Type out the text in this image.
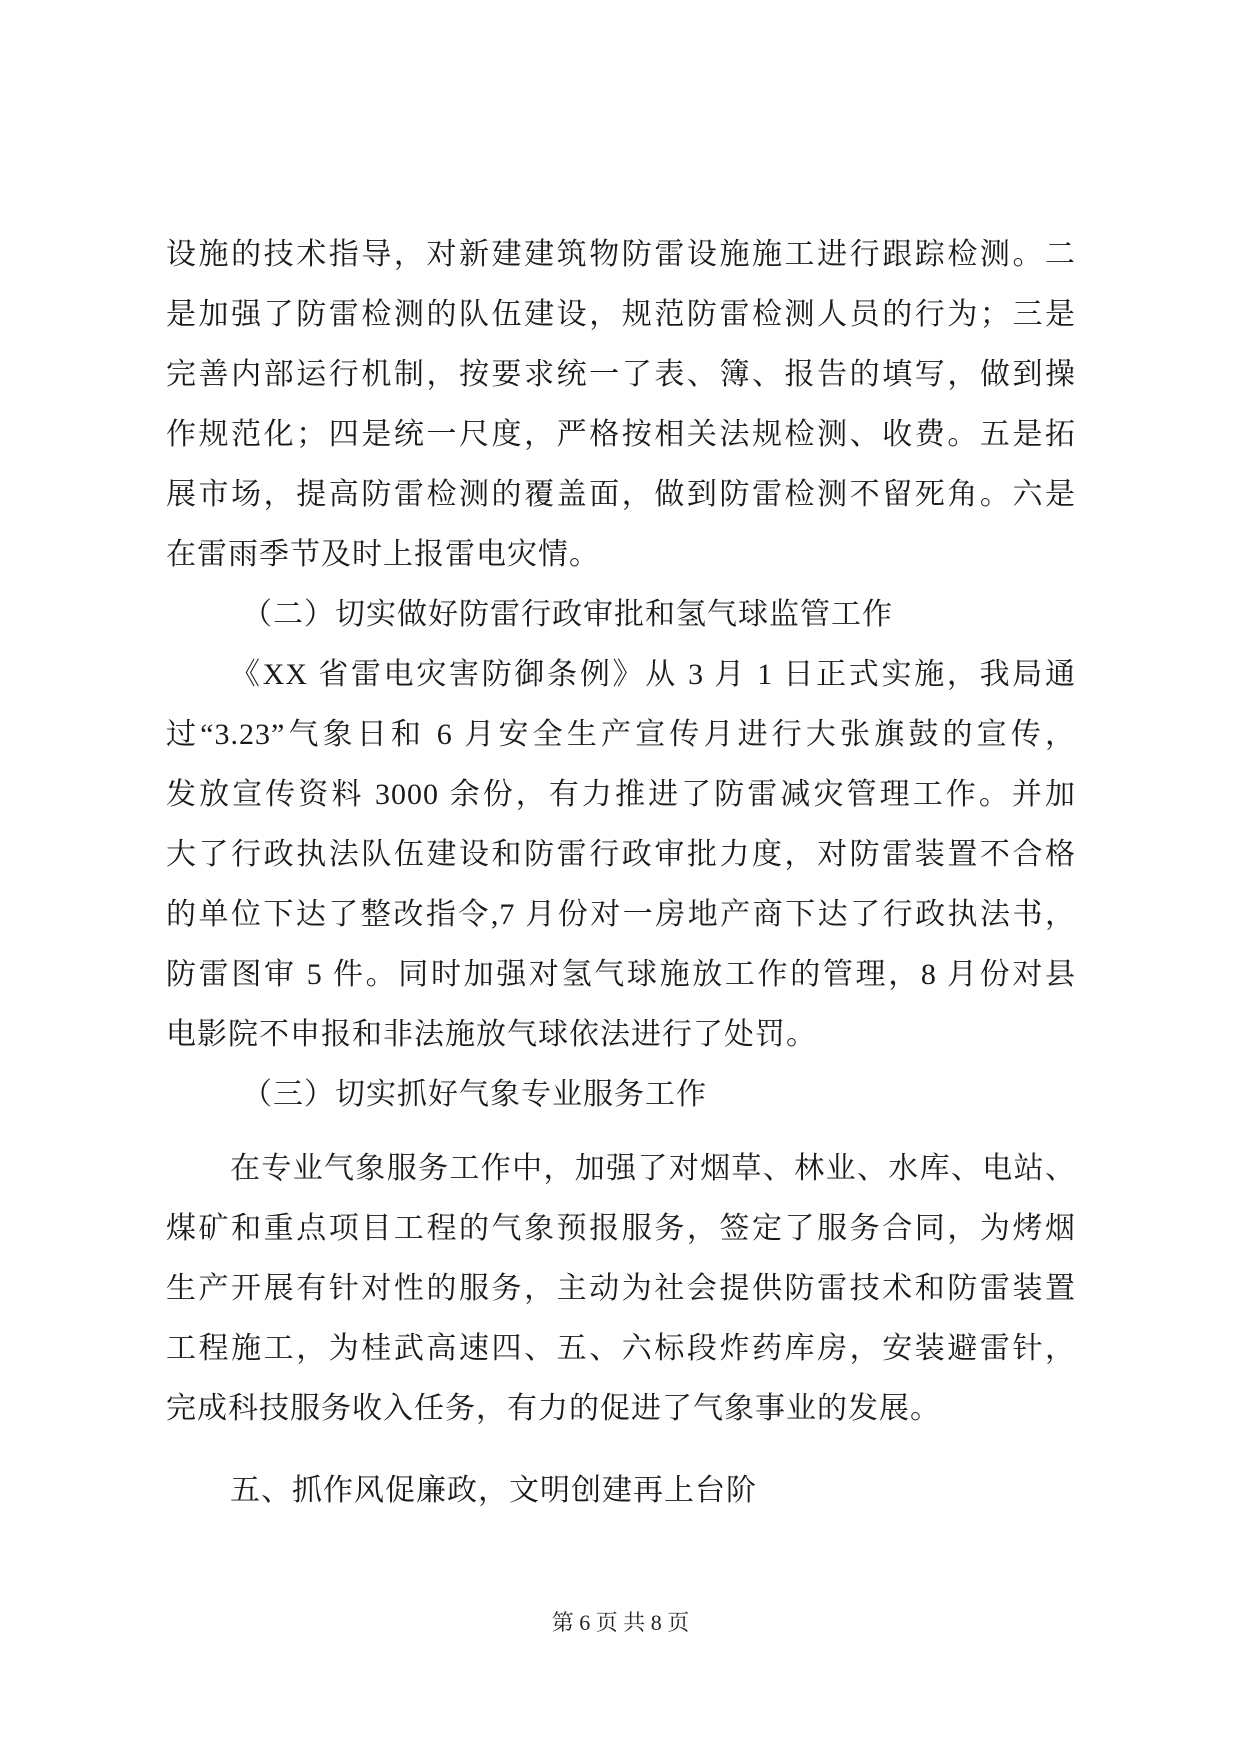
设施的技术指导，对新建建筑物防雷设施施工进行跟踪检测。二
是加强了防雷检测的队伍建设，规范防雷检测人员的行为；三是
完善内部运行机制，按要求统一了表、簿、报告的填写，做到操
作规范化；四是统一尺度，严格按相关法规检测、收费。五是拓
展市场，提高防雷检测的覆盖面，做到防雷检测不留死角。六是
在雷雨季节及时上报雷电灾情。
（二）切实做好防雷行政审批和氢气球监管工作
《XX 省雷电灾害防御条例》从 3 月 1 日正式实施，我局通
过“3.23”气象日和 6 月安全生产宣传月进行大张旗鼓的宣传，
发放宣传资料 3000 余份，有力推进了防雷减灾管理工作。并加
大了行政执法队伍建设和防雷行政审批力度，对防雷装置不合格
的单位下达了整改指令,7 月份对一房地产商下达了行政执法书，
防雷图审 5 件。同时加强对氢气球施放工作的管理，8 月份对县
电影院不申报和非法施放气球依法进行了处罚。
（三）切实抓好气象专业服务工作
在专业气象服务工作中，加强了对烟草、林业、水库、电站、
煤矿和重点项目工程的气象预报服务，签定了服务合同，为烤烟
生产开展有针对性的服务，主动为社会提供防雷技术和防雷装置
工程施工，为桂武高速四、五、六标段炸药库房，安装避雷针，
完成科技服务收入任务，有力的促进了气象事业的发展。
五、抓作风促廉政，文明创建再上台阶
第 6 页 共 8 页
